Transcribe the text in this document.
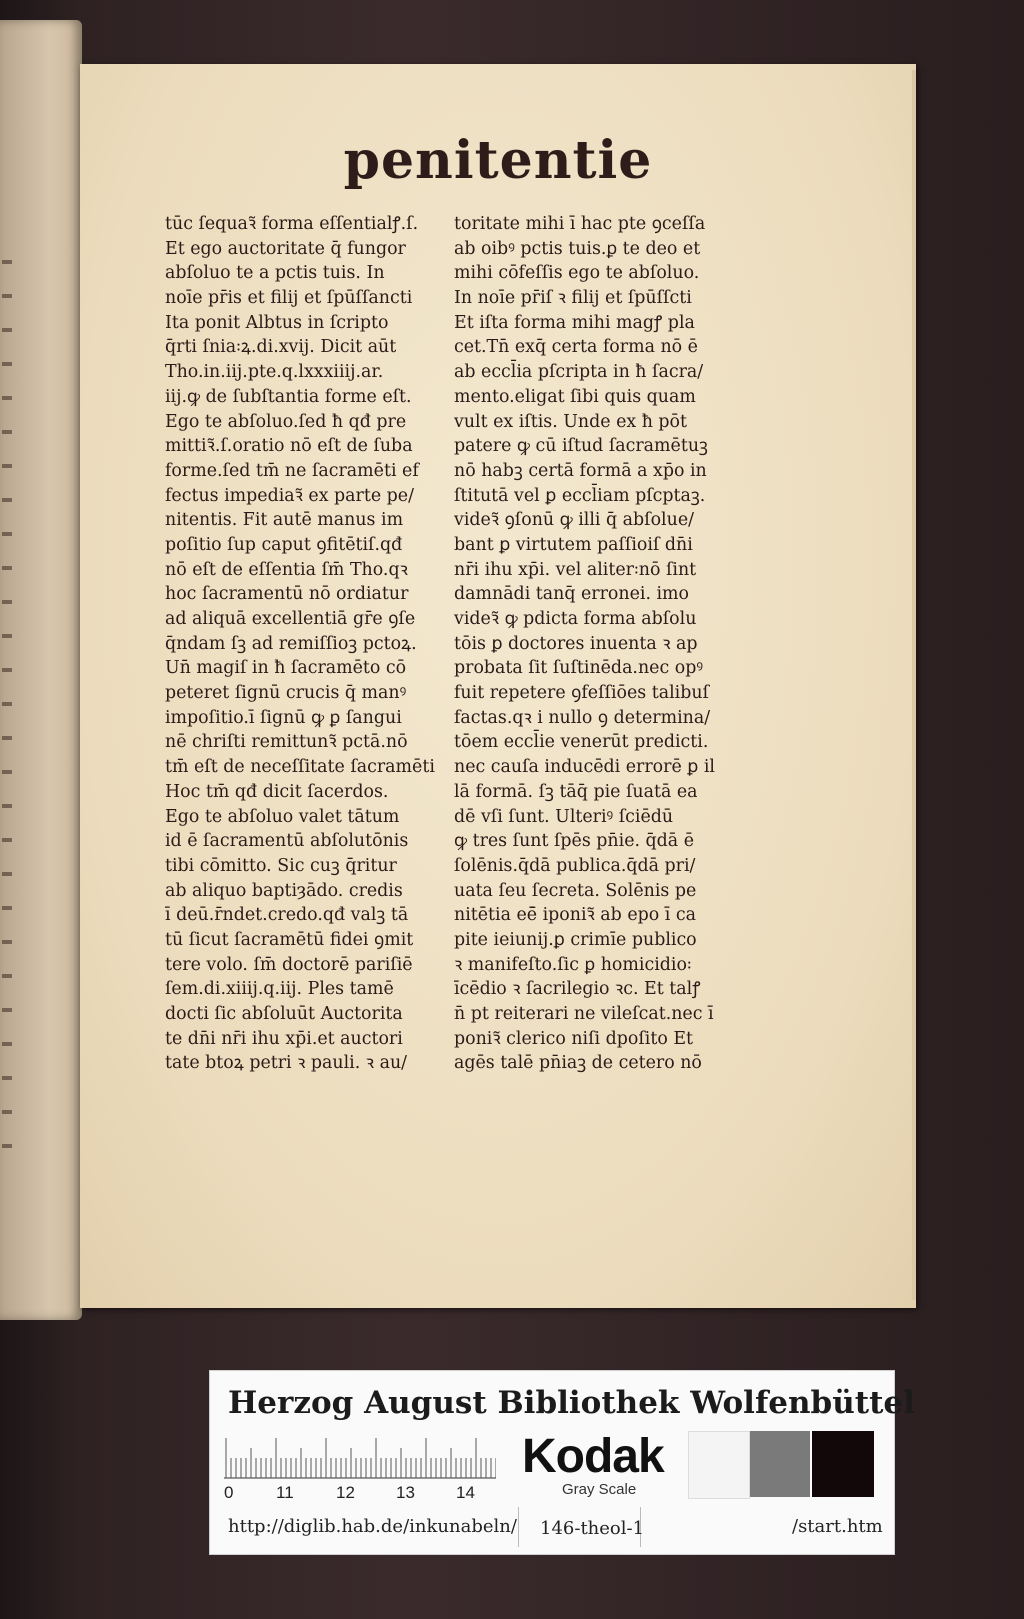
penitentie
tūc ſequaꝛ̃ forma eſſentialꝭ.ſ.
Et ego auctoritate q̄ fungor
abſoluo te a pctis tuis. In
noīe pr̄is et filij et ſpūſſancti
Ita ponit Albtus in ſcripto
q̄rti ſnia꞉ꝝ.di.xvij. Dicit aūt
Tho.in.iij.pte.q.lxxxiiij.ar.
iij.ꝙ de ſubſtantia forme eſt.
Ego te abſoluo.ſed ħ qđ pre
mittiꝛ̃.ſ.oratio nō eſt de ſuba
forme.ſed tm̄ ne ſacramēti ef
fectus impediaꝛ̃ ex parte pe/
nitentis. Fit autē manus im
poſitio ſup caput ꝯfitētiſ.qđ
nō eſt de eſſentia ſm̄ Tho.qꝛ
hoc ſacramentū nō ordiatur
ad aliquā excellentiā gr̄e ꝯſe
q̄ndam ſꝫ ad remiſſioꝫ pctoꝝ.
Un̄ magiſ in ħ ſacramēto cō
peteret ſignū crucis q̄ manꝰ
impoſitio.ī ſignū ꝙ ꝑ ſangui
nē chriſti remittunꝛ̃ pctā.nō
tm̄ eſt de neceſſitate ſacramēti
Hoc tm̄ qđ dicit ſacerdos.
Ego te abſoluo valet tātum
id ē ſacramentū abſolutōnis
tibi cōmitto. Sic cuꝫ q̄ritur
ab aliquo baptiȝādo. credis
ī deū.r̄ndet.credo.qđ valꝫ tā
tū ſicut ſacramētū fidei ꝯmit
tere volo. ſm̄ doctorē pariſiē
ſem.di.xiiij.q.iij. Ples tamē
docti ſic abſoluūt Auctorita
te dn̄i nr̄i ihu xp̄i.et auctori
tate btoꝝ petri ꝛ pauli. ꝛ au/
toritate mihi ī hac pte ꝯceſſa
ab oibꝰ pctis tuis.ꝑ te deo et
mihi cōfeſſis ego te abſoluo.
In noīe pr̄iſ ꝛ filij et ſpūſſcti
Et iſta forma mihi magꝭ pla
cet.Tn̄ exq̄ certa forma nō ē
ab eccl̄ia pſcripta in ħ ſacra/
mento.eligat ſibi quis quam
vult ex iſtis. Unde ex ħ pōt
patere ꝙ cū iſtud ſacramētuꝫ
nō habꝫ certā formā a xp̄o in
ſtitutā vel ꝑ eccl̄iam pſcptaꝫ.
videꝛ̃ ꝯſonū ꝙ illi q̄ abſolue/
bant ꝑ virtutem paſſioiſ dn̄i
nr̄i ihu xp̄i. vel aliter꞉nō ſint
damnādi tanq̄ erronei. imo
videꝛ̃ ꝙ pdicta forma abſolu
tōis ꝑ doctores inuenta ꝛ ap
probata ſit ſuſtinēda.nec opꝰ
fuit repetere ꝯfeſſiōes talibuſ
factas.qꝛ i nullo ꝯ determina/
tōem eccl̄ie venerūt predicti.
nec cauſa inducēdi errorē ꝑ il
lā formā. ſꝫ tāq̄ pie ſuatā ea
dē vſi ſunt. Ulteriꝰ ſciēdū
ꝙ tres ſunt ſpēs pn̄ie. q̄dā ē
ſolēnis.q̄dā publica.q̄dā pri/
uata ſeu ſecreta. Solēnis pe
nitētia eē̄ iponiꝛ̃ ab epo ī ca
pite ieiunij.ꝑ crimīe publico
ꝛ manifeſto.ſic ꝑ homicidio꞉
īcēdio ꝛ ſacrilegio ꝛc. Et talꝭ
n̄ pt reiterari ne vileſcat.nec ī
poniꝛ̃ clerico niſi dpoſito Et
agēs talē pn̄iaꝫ de cetero nō
Herzog August Bibliothek Wolfenbüttel
0	11 12 13 14
Kodak
Gray Scale
http://diglib.hab.de/inkunabeln/ 146-theol-1	/start.htm
